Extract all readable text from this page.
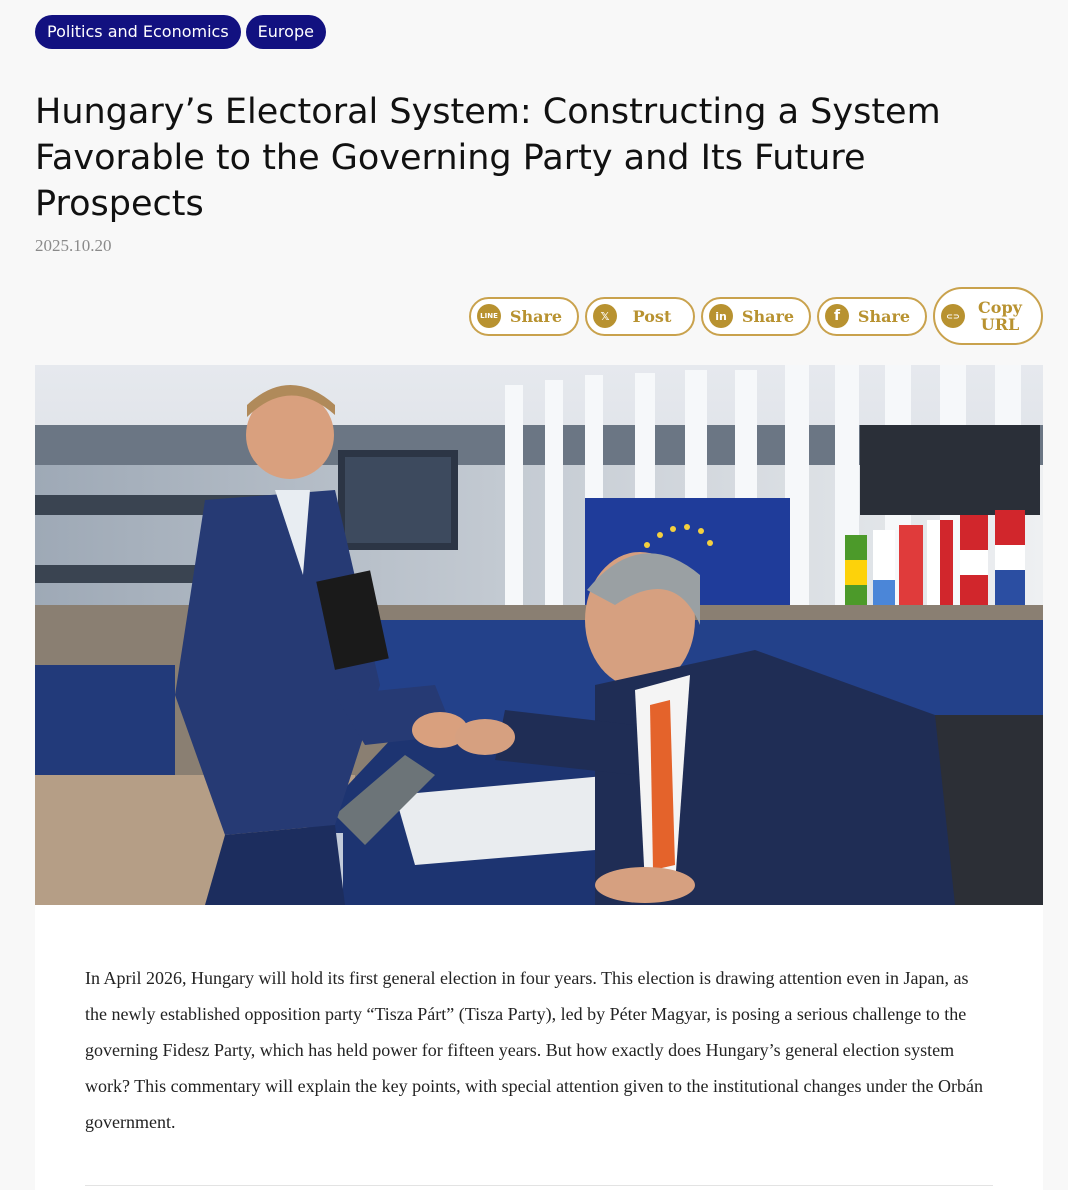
Politics and Economics	Europe
Hungary’s Electoral System: Constructing a System Favorable to the Governing Party and Its Future Prospects
2025.10.20
LINE Share	𝕏	Post	in Share	f	Share	⊂⊃	Copy URL

In April 2026, Hungary will hold its first general election in four years. This election is drawing attention even in Japan, as the newly established opposition party “Tisza Párt” (Tisza Party), led by Péter Magyar, is posing a serious challenge to the governing Fidesz Party, which has held power for fifteen years. But how exactly does Hungary’s general election system work? This commentary will explain the key points, with special attention given to the institutional changes under the Orbán government.
